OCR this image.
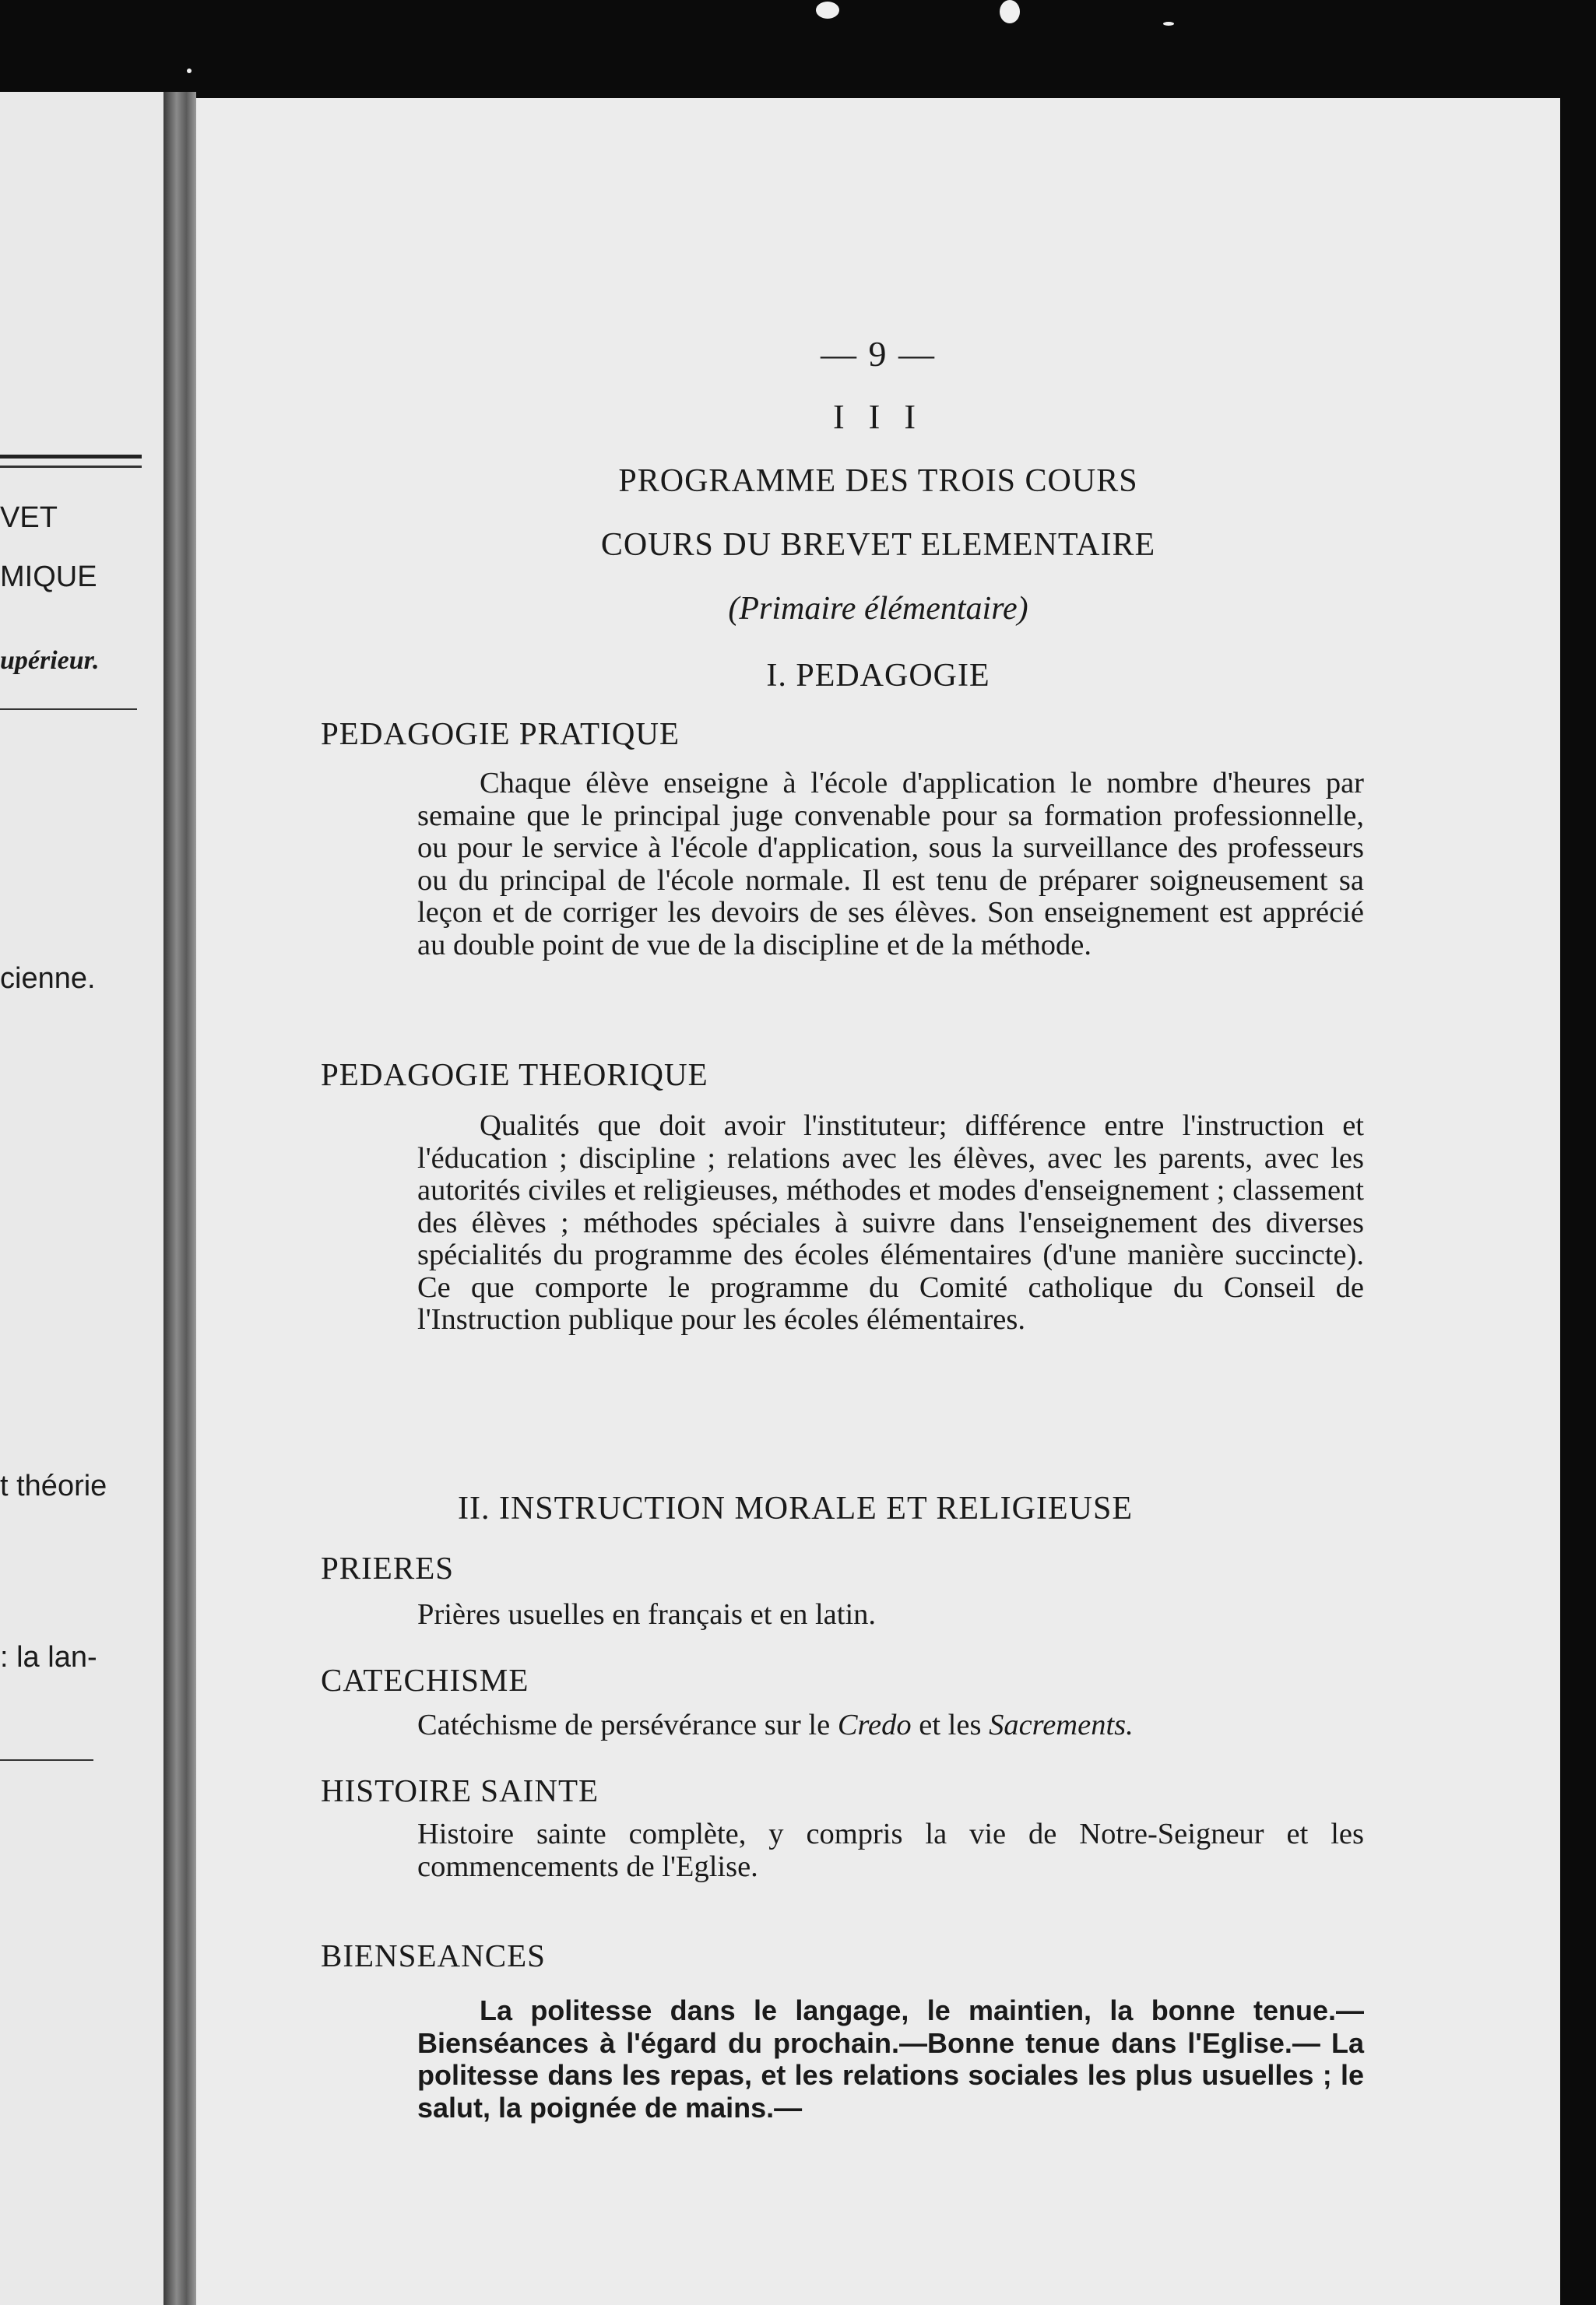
VET
MIQUE
upérieur.
cienne.
t théorie
: la lan-
— 9 —
I I I
PROGRAMME DES TROIS COURS
COURS DU BREVET ELEMENTAIRE
(Primaire élémentaire)
I. PEDAGOGIE
PEDAGOGIE PRATIQUE
Chaque élève enseigne à l'école d'application le nombre d'heures par semaine que le principal juge convenable pour sa formation professionnelle, ou pour le service à l'école d'application, sous la surveillance des professeurs ou du principal de l'école normale. Il est tenu de préparer soigneusement sa leçon et de corriger les devoirs de ses élèves. Son enseignement est apprécié au double point de vue de la discipline et de la méthode.
PEDAGOGIE THEORIQUE
Qualités que doit avoir l'instituteur; différence entre l'instruction et l'éducation ; discipline ; relations avec les élèves, avec les parents, avec les autorités civiles et religieuses, méthodes et modes d'enseignement ; classement des élèves ; méthodes spéciales à suivre dans l'enseignement des diverses spécialités du programme des écoles élémentaires (d'une manière succincte). Ce que comporte le programme du Comité catholique du Conseil de l'Instruction publique pour les écoles élémentaires.
II. INSTRUCTION MORALE ET RELIGIEUSE
PRIERES
Prières usuelles en français et en latin.
CATECHISME
Catéchisme de persévérance sur le Credo et les Sacrements.
HISTOIRE SAINTE
Histoire sainte complète, y compris la vie de Notre-Seigneur et les commencements de l'Eglise.
BIENSEANCES
La politesse dans le langage, le maintien, la bonne tenue.— Bienséances à l'égard du prochain.—Bonne tenue dans l'Eglise.— La politesse dans les repas, et les relations sociales les plus usuelles ; le salut, la poignée de mains.—
